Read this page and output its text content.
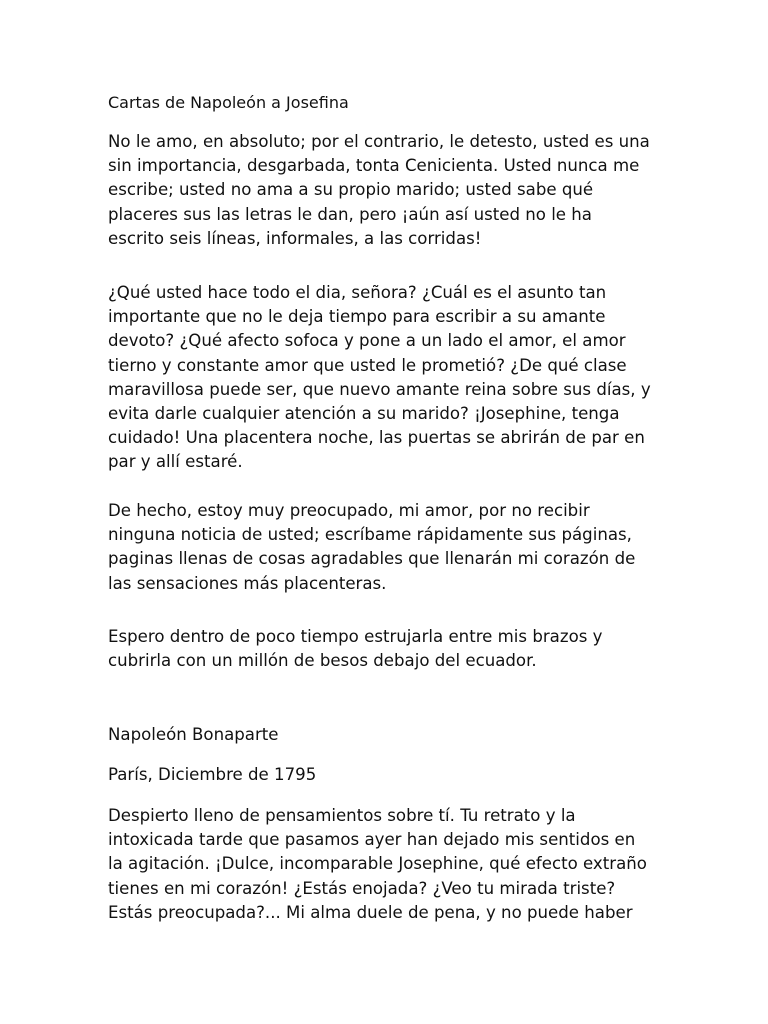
Cartas de Napoleón a Josefina

No le amo, en absoluto; por el contrario, le detesto, usted es una
sin importancia, desgarbada, tonta Cenicienta. Usted nunca me
escribe; usted no ama a su propio marido; usted sabe qué
placeres sus las letras le dan, pero ¡aún así usted no le ha
escrito seis líneas, informales, a las corridas!

¿Qué usted hace todo el dia, señora? ¿Cuál es el asunto tan
importante que no le deja tiempo para escribir a su amante
devoto? ¿Qué afecto sofoca y pone a un lado el amor, el amor
tierno y constante amor que usted le prometió? ¿De qué clase
maravillosa puede ser, que nuevo amante reina sobre sus días, y
evita darle cualquier atención a su marido? ¡Josephine, tenga
cuidado! Una placentera noche, las puertas se abrirán de par en
par y allí estaré.

De hecho, estoy muy preocupado, mi amor, por no recibir
ninguna noticia de usted; escríbame rápidamente sus páginas,
paginas llenas de cosas agradables que llenarán mi corazón de
las sensaciones más placenteras.

Espero dentro de poco tiempo estrujarla entre mis brazos y
cubrirla con un millón de besos debajo del ecuador.

Napoleón Bonaparte

París, Diciembre de 1795

Despierto lleno de pensamientos sobre tí. Tu retrato y la
intoxicada tarde que pasamos ayer han dejado mis sentidos en
la agitación. ¡Dulce, incomparable Josephine, qué efecto extraño
tienes en mi corazón! ¿Estás enojada? ¿Veo tu mirada triste?
Estás preocupada?... Mi alma duele de pena, y no puede haber
